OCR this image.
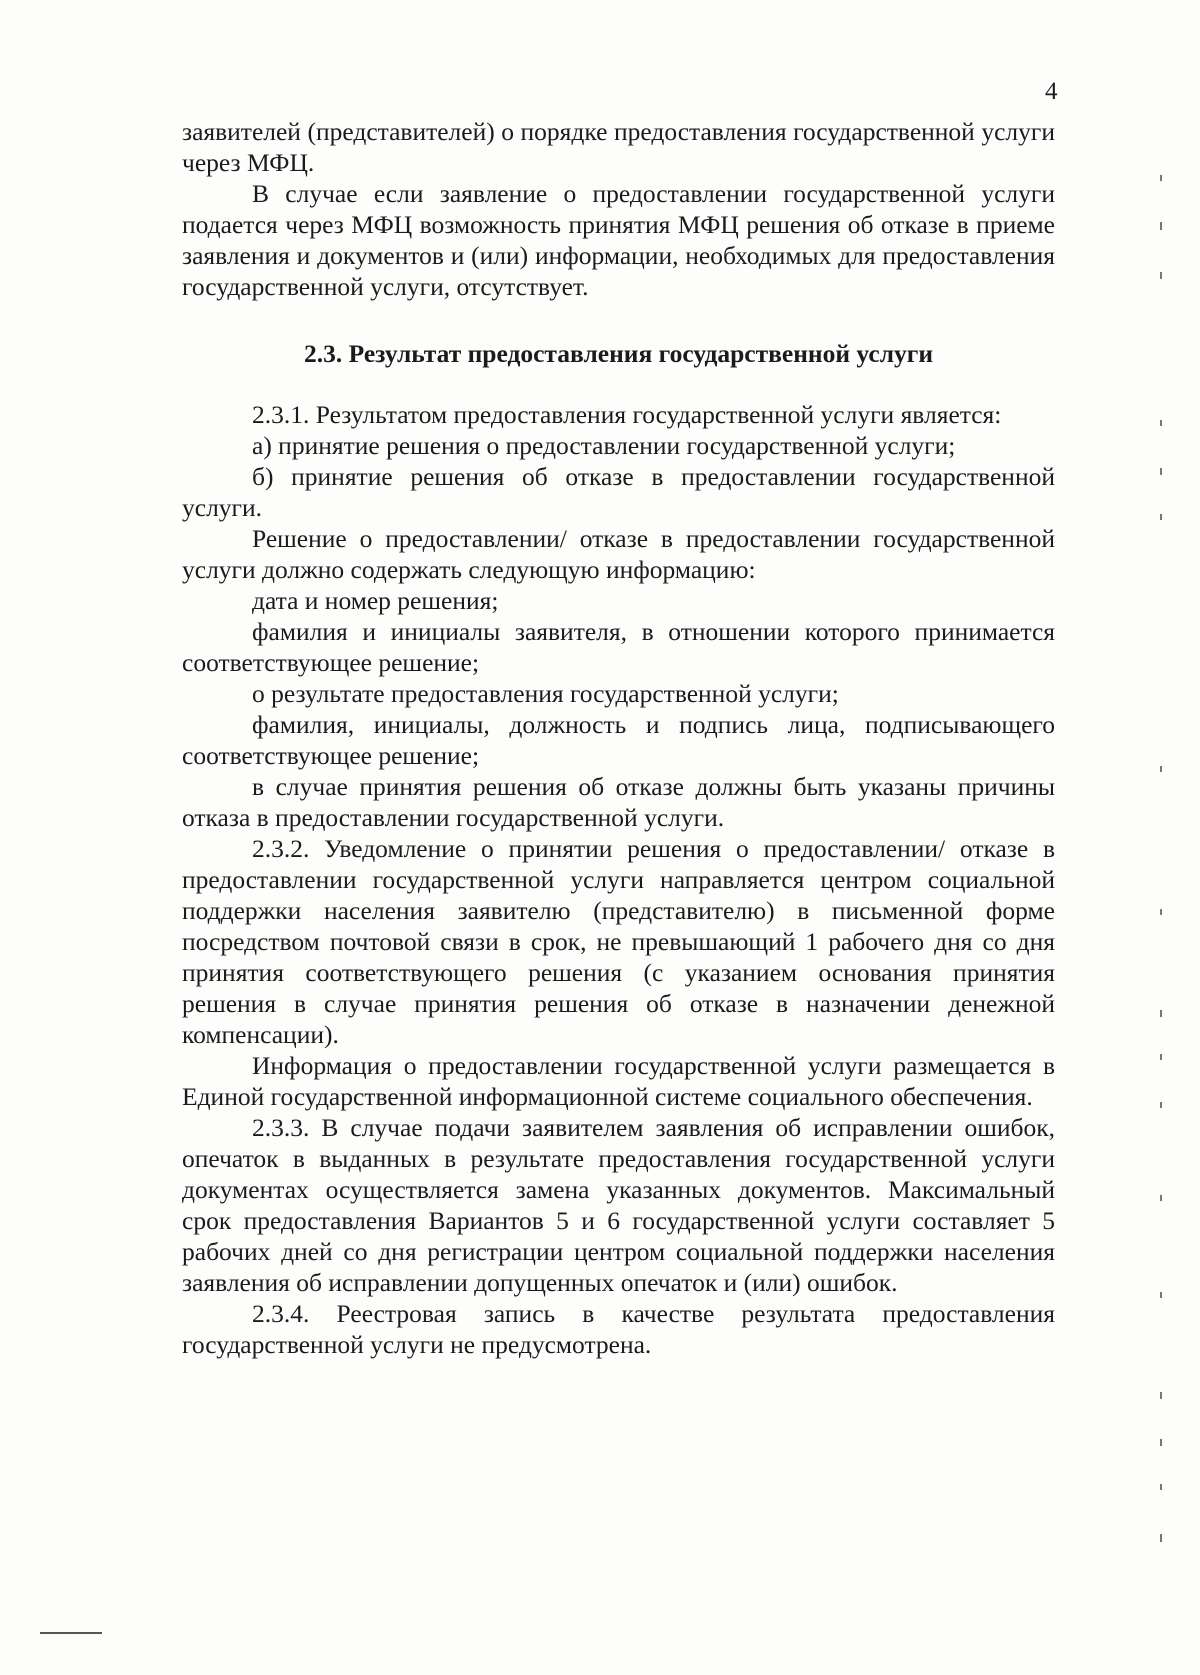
4

заявителей (представителей) о порядке предоставления государственной услуги через МФЦ.

В случае если заявление о предоставлении государственной услуги подается через МФЦ возможность принятия МФЦ решения об отказе в приеме заявления и документов и (или) информации, необходимых для предоставления государственной услуги, отсутствует.

2.3. Результат предоставления государственной услуги

2.3.1. Результатом предоставления государственной услуги является:

а) принятие решения о предоставлении государственной услуги;

б) принятие решения об отказе в предоставлении государственной услуги.

Решение о предоставлении/ отказе в предоставлении государственной услуги должно содержать следующую информацию:

дата и номер решения;

фамилия и инициалы заявителя, в отношении которого принимается соответствующее решение;

о результате предоставления государственной услуги;

фамилия, инициалы, должность и подпись лица, подписывающего соответствующее решение;

в случае принятия решения об отказе должны быть указаны причины отказа в предоставлении государственной услуги.

2.3.2. Уведомление о принятии решения о предоставлении/ отказе в предоставлении государственной услуги направляется центром социальной поддержки населения заявителю (представителю) в письменной форме посредством почтовой связи в срок, не превышающий 1 рабочего дня со дня принятия соответствующего решения (с указанием основания принятия решения в случае принятия решения об отказе в назначении денежной компенсации).

Информация о предоставлении государственной услуги размещается в Единой государственной информационной системе социального обеспечения.

2.3.3. В случае подачи заявителем заявления об исправлении ошибок, опечаток в выданных в результате предоставления государственной услуги документах осуществляется замена указанных документов. Максимальный срок предоставления Вариантов 5 и 6 государственной услуги составляет 5 рабочих дней со дня регистрации центром социальной поддержки населения заявления об исправлении допущенных опечаток и (или) ошибок.

2.3.4. Реестровая запись в качестве результата предоставления государственной услуги не предусмотрена.
